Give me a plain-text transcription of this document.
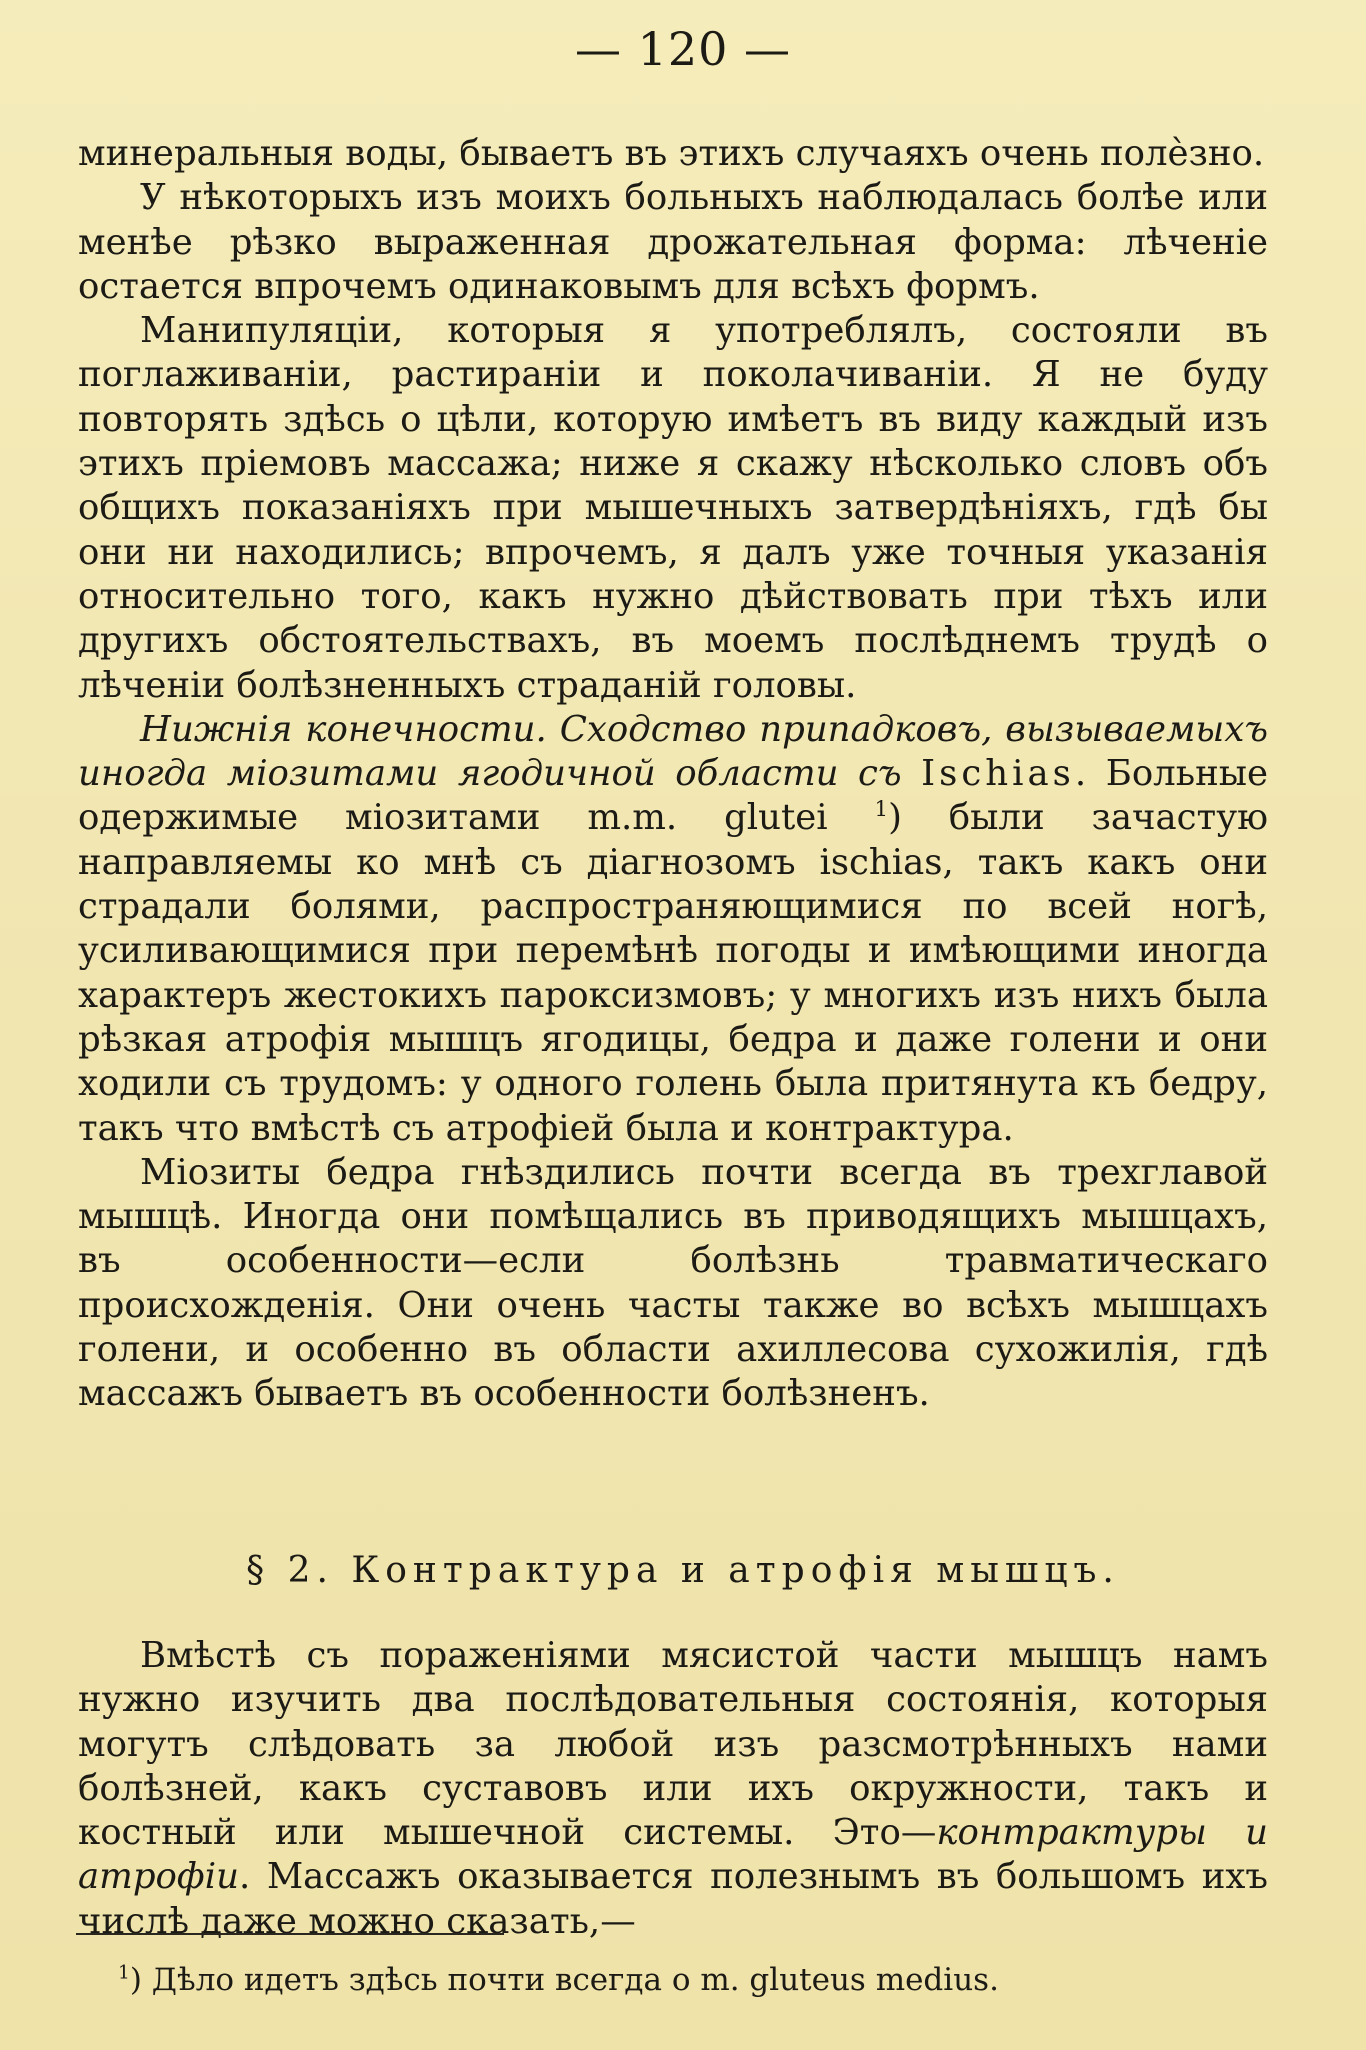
— 120 —

минеральныя воды, бываетъ въ этихъ случаяхъ очень полѐзно.

У нѣкоторыхъ изъ моихъ больныхъ наблюдалась болѣе или менѣе рѣзко выраженная дрожательная форма: лѣченіе остается впрочемъ одинаковымъ для всѣхъ формъ.

Манипуляціи, которыя я употреблялъ, состояли въ поглаживаніи, растираніи и поколачиваніи. Я не буду повторять здѣсь о цѣли, которую имѣетъ въ виду каждый изъ этихъ пріемовъ массажа; ниже я скажу нѣсколько словъ объ общихъ показаніяхъ при мышечныхъ затвердѣніяхъ, гдѣ бы они ни находились; впрочемъ, я далъ уже точныя указанія относительно того, какъ нужно дѣйствовать при тѣхъ или другихъ обстоятельствахъ, въ моемъ послѣднемъ трудѣ о лѣченіи болѣзненныхъ страданій головы.

Нижнія конечности. Сходство припадковъ, вызываемыхъ иногда міозитами ягодичной области съ Ischias. Больные одержимые міозитами m.m. glutei $^1$) были зачастую направляемы ко мнѣ съ діагнозомъ ischias, такъ какъ они страдали болями, распространяющимися по всей ногѣ, усиливающимися при перемѣнѣ погоды и имѣющими иногда характеръ жестокихъ пароксизмовъ; у многихъ изъ нихъ была рѣзкая атрофія мышцъ ягодицы, бедра и даже голени и они ходили съ трудомъ: у одного голень была притянута къ бедру, такъ что вмѣстѣ съ атрофіей была и контрактура.

Міозиты бедра гнѣздились почти всегда въ трехглавой мышцѣ. Иногда они помѣщались въ приводящихъ мышцахъ, въ особенности—если болѣзнь травматическаго происхожденія. Они очень часты также во всѣхъ мышцахъ голени, и особенно въ области ахиллесова сухожилія, гдѣ массажъ бываетъ въ особенности болѣзненъ.

§ 2. Контрактура и атрофія мышцъ.

Вмѣстѣ съ пораженіями мясистой части мышцъ намъ нужно изучить два послѣдовательныя состоянія, которыя могутъ слѣдовать за любой изъ разсмотрѣнныхъ нами болѣзней, какъ суставовъ или ихъ окружности, такъ и костный или мышечной системы. Это—контрактуры и атрофіи. Массажъ оказывается полезнымъ въ большомъ ихъ числѣ даже можно сказать,—

$^1$) Дѣло идетъ здѣсь почти всегда о m. gluteus medius.
